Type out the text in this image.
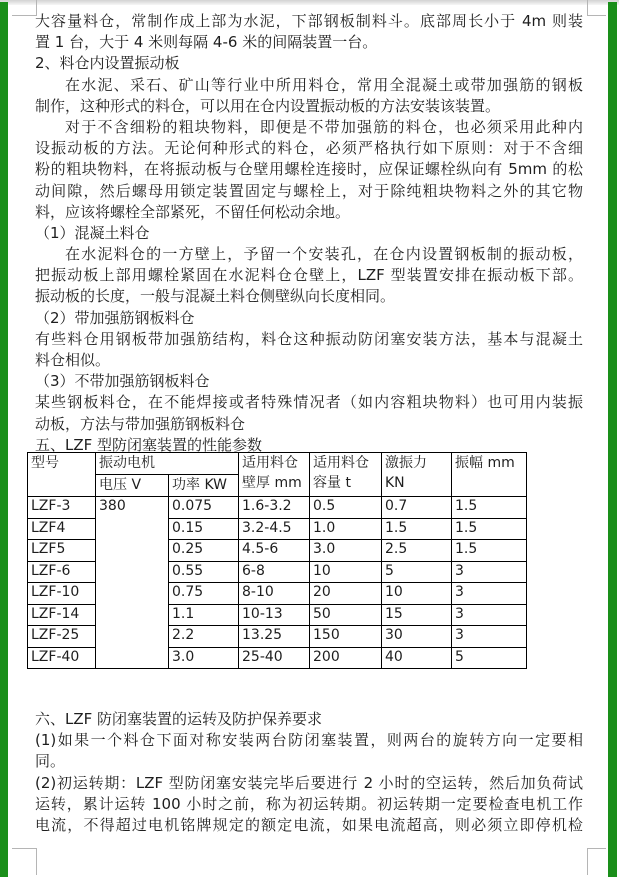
大容量料仓，常制作成上部为水泥，下部钢板制料斗。底部周长小于 4m 则装
置 1 台，大于 4 米则每隔 4-6 米的间隔装置一台。
2、料仓内设置振动板
在水泥、采石、矿山等行业中所用料仓，常用全混凝土或带加强筋的钢板
制作，这种形式的料仓，可以用在仓内设置振动板的方法安装该装置。
对于不含细粉的粗块物料，即便是不带加强筋的料仓，也必须采用此种内
设振动板的方法。无论何种形式的料仓，必须严格执行如下原则：对于不含细
粉的粗块物料，在将振动板与仓壁用螺栓连接时，应保证螺栓纵向有 5mm 的松
动间隙，然后螺母用锁定装置固定与螺栓上，对于除纯粗块物料之外的其它物
料，应该将螺栓全部紧死，不留任何松动余地。
（1）混凝土料仓
在水泥料仓的一方壁上，予留一个安装孔，在仓内设置钢板制的振动板，
把振动板上部用螺栓紧固在水泥料仓仓壁上，LZF 型装置安排在振动板下部。
振动板的长度，一般与混凝土料仓侧壁纵向长度相同。
（2）带加强筋钢板料仓
有些料仓用钢板带加强筋结构，料仓这种振动防闭塞安装方法，基本与混凝土
料仓相似。
（3）不带加强筋钢板料仓
某些钢板料仓，在不能焊接或者特殊情况者（如内容粗块物料）也可用内装振
动板，方法与带加强筋钢板料仓
五、LZF 型防闭塞装置的性能参数
型号	振动电机		适用料仓壁厚 mm	适用料仓容量 t	激振力 KN	振幅 mm
	电压 V	功率 KW				
LZF-3	380	0.075	1.6-3.2	0.5	0.7	1.5
LZF4		0.15	3.2-4.5	1.0	1.5	1.5
LZF5		0.25	4.5-6	3.0	2.5	1.5
LZF-6		0.55	6-8	10	5	3
LZF-10		0.75	8-10	20	10	3
LZF-14		1.1	10-13	50	15	3
LZF-25		2.2	13.25	150	30	3
LZF-40		3.0	25-40	200	40	5
六、LZF 防闭塞装置的运转及防护保养要求
(1)如果一个料仓下面对称安装两台防闭塞装置，则两台的旋转方向一定要相
同。
(2)初运转期：LZF 型防闭塞安装完毕后要进行 2 小时的空运转，然后加负荷试
运转，累计运转 100 小时之前，称为初运转期。初运转期一定要检查电机工作
电流，不得超过电机铭牌规定的额定电流，如果电流超高，则必须立即停机检
